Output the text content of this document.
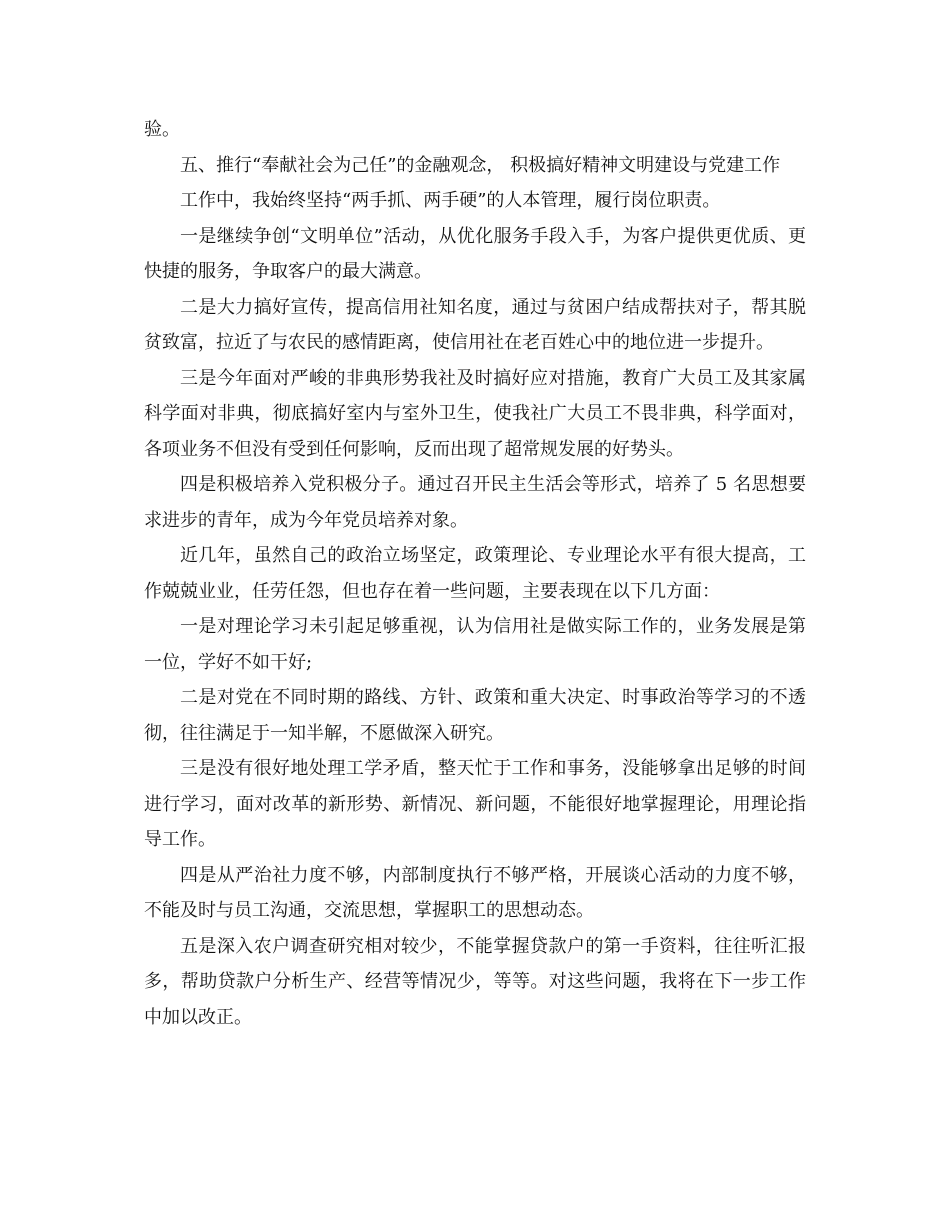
验。

五、推行“奉献社会为己任”的金融观念， 积极搞好精神文明建设与党建工作

工作中，我始终坚持“两手抓、两手硬”的人本管理，履行岗位职责。

一是继续争创“文明单位”活动，从优化服务手段入手，为客户提供更优质、更快捷的服务，争取客户的最大满意。

二是大力搞好宣传，提高信用社知名度，通过与贫困户结成帮扶对子，帮其脱贫致富，拉近了与农民的感情距离，使信用社在老百姓心中的地位进一步提升。

三是今年面对严峻的非典形势我社及时搞好应对措施，教育广大员工及其家属科学面对非典，彻底搞好室内与室外卫生，使我社广大员工不畏非典，科学面对，各项业务不但没有受到任何影响，反而出现了超常规发展的好势头。

四是积极培养入党积极分子。通过召开民主生活会等形式，培养了 5 名思想要求进步的青年，成为今年党员培养对象。

近几年，虽然自己的政治立场坚定，政策理论、专业理论水平有很大提高，工作兢兢业业，任劳任怨，但也存在着一些问题，主要表现在以下几方面：

一是对理论学习未引起足够重视，认为信用社是做实际工作的，业务发展是第一位，学好不如干好;

二是对党在不同时期的路线、方针、政策和重大决定、时事政治等学习的不透彻，往往满足于一知半解，不愿做深入研究。

三是没有很好地处理工学矛盾，整天忙于工作和事务，没能够拿出足够的时间进行学习，面对改革的新形势、新情况、新问题，不能很好地掌握理论，用理论指导工作。

四是从严治社力度不够，内部制度执行不够严格，开展谈心活动的力度不够，不能及时与员工沟通，交流思想，掌握职工的思想动态。

五是深入农户调查研究相对较少，不能掌握贷款户的第一手资料，往往听汇报多，帮助贷款户分析生产、经营等情况少，等等。对这些问题，我将在下一步工作中加以改正。
